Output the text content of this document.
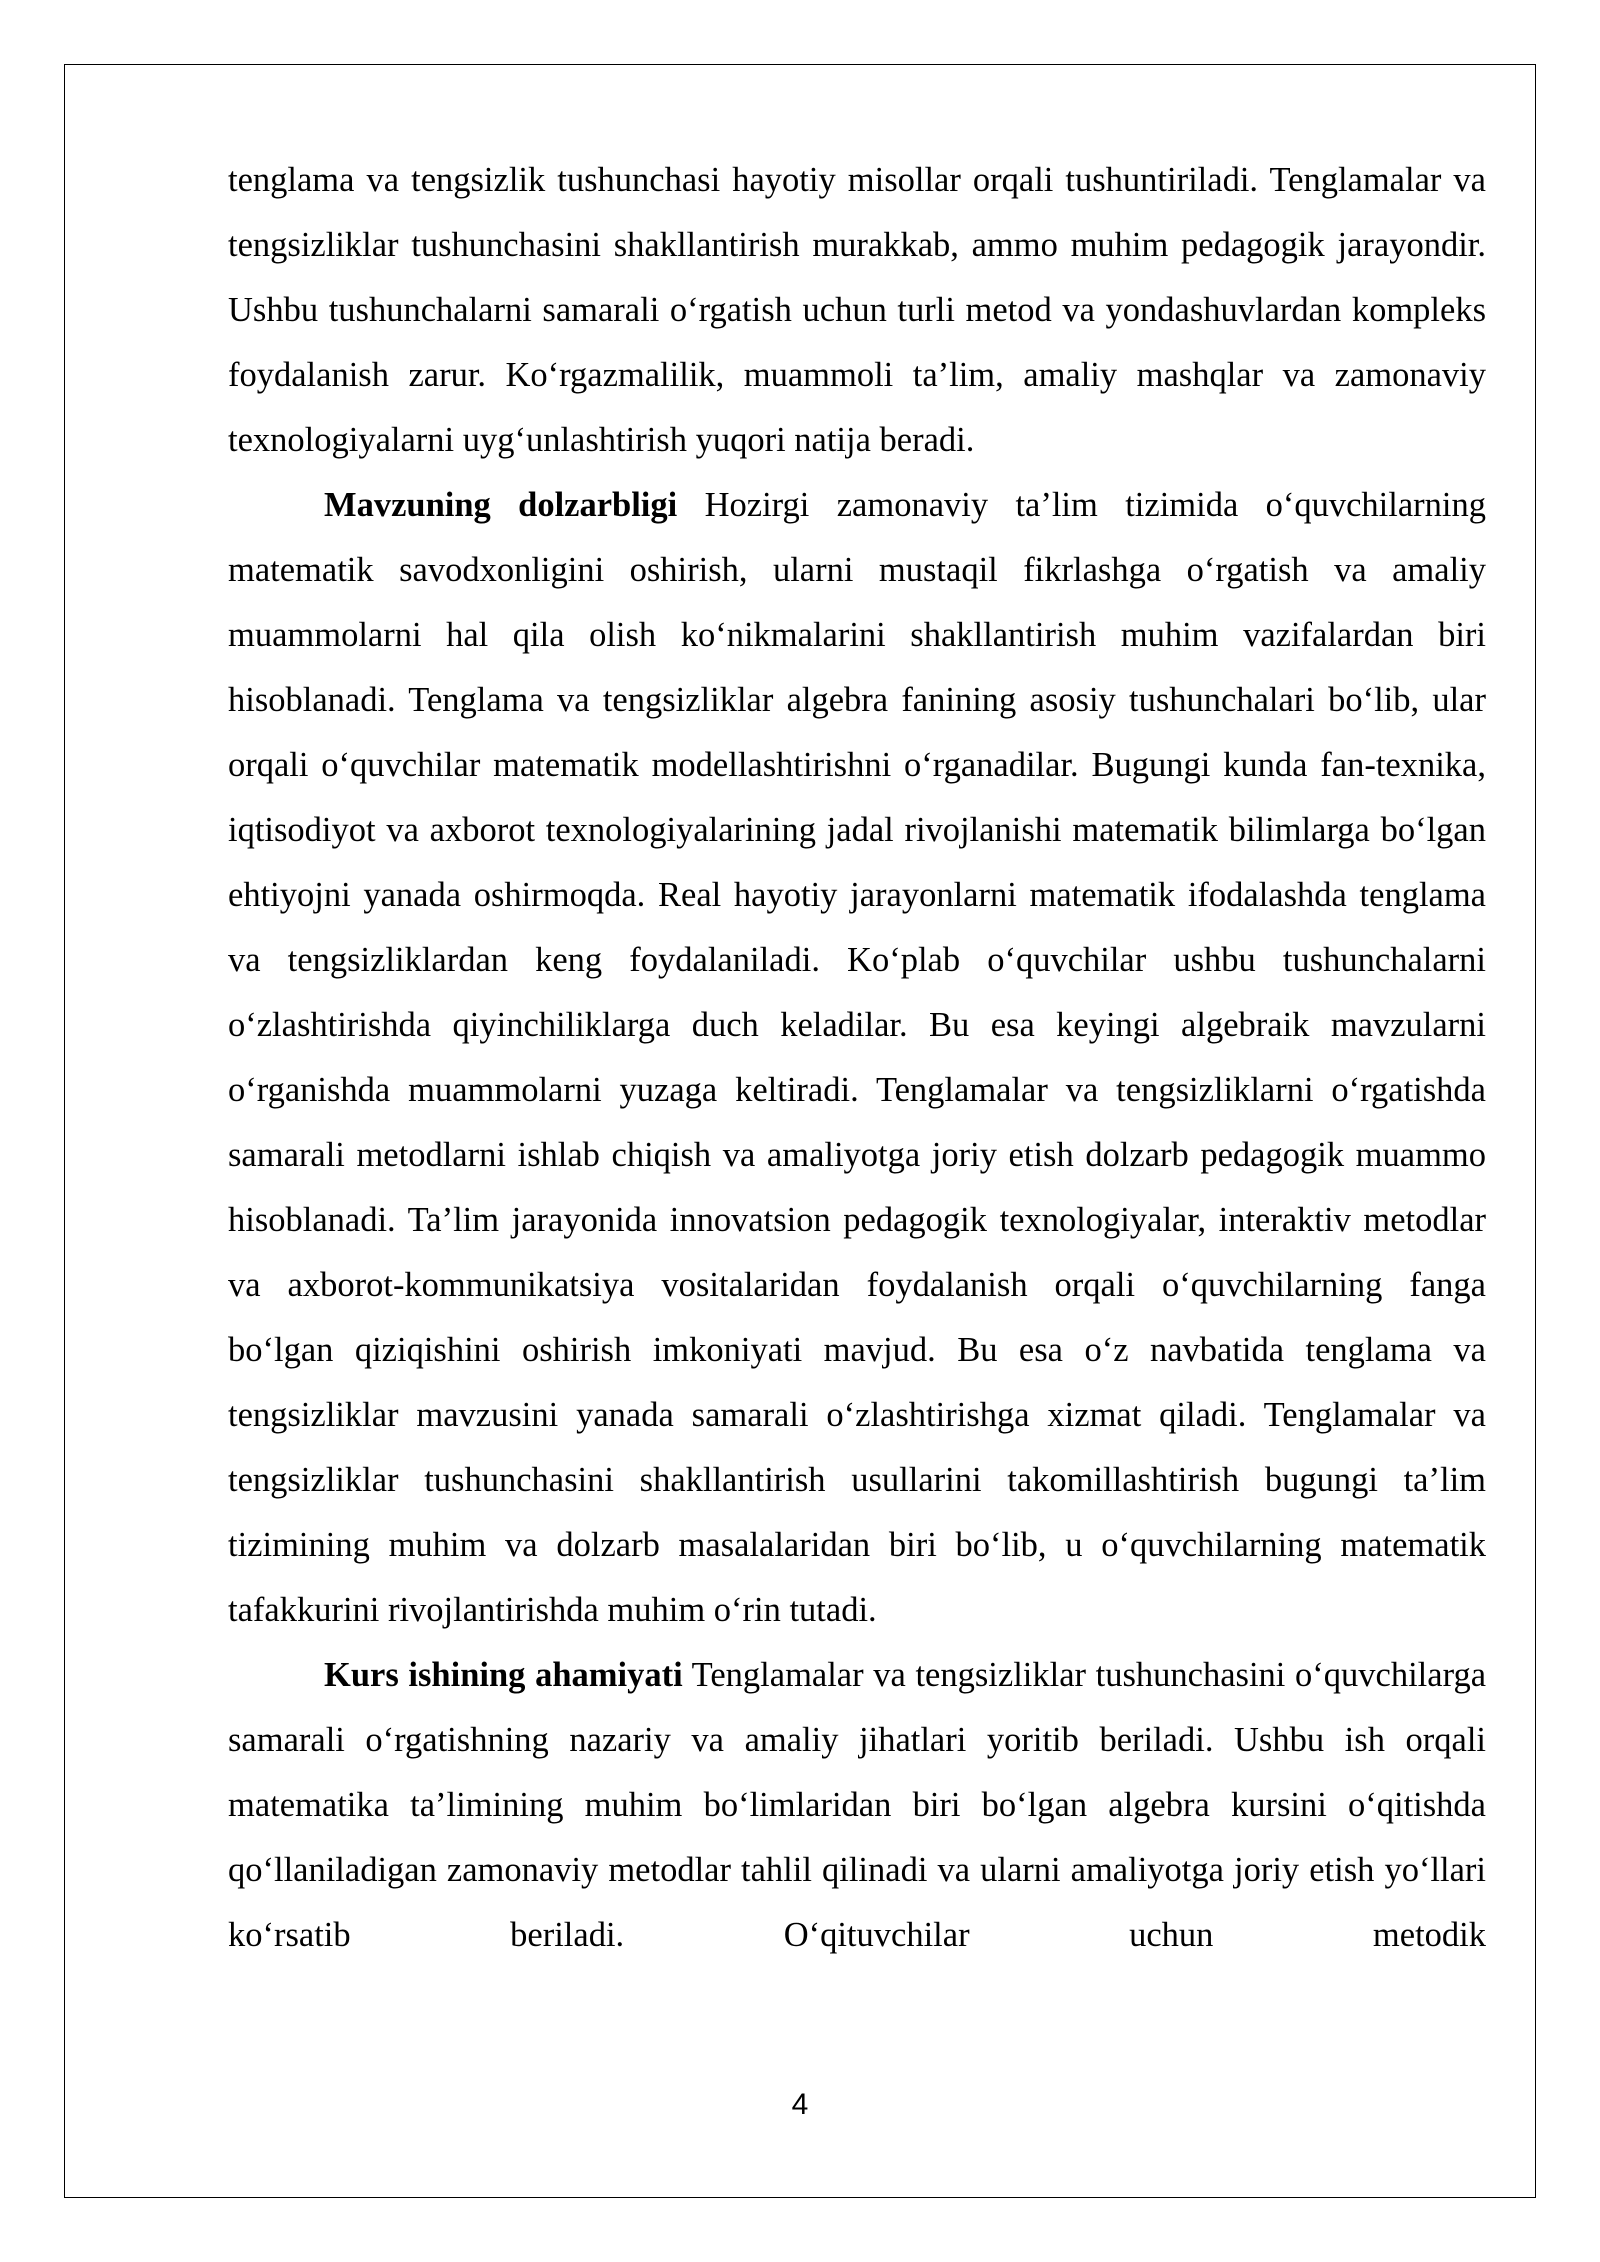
tenglama va tengsizlik tushunchasi hayotiy misollar orqali tushuntiriladi. Tenglamalar va tengsizliklar tushunchasini shakllantirish murakkab, ammo muhim pedagogik jarayondir. Ushbu tushunchalarni samarali o‘rgatish uchun turli metod va yondashuvlardan kompleks foydalanish zarur. Ko‘rgazmalilik, muammoli ta’lim, amaliy mashqlar va zamonaviy texnologiyalarni uyg‘unlashtirish yuqori natija beradi.

Mavzuning dolzarbligi Hozirgi zamonaviy ta’lim tizimida o‘quvchilarning matematik savodxonligini oshirish, ularni mustaqil fikrlashga o‘rgatish va amaliy muammolarni hal qila olish ko‘nikmalarini shakllantirish muhim vazifalardan biri hisoblanadi. Tenglama va tengsizliklar algebra fanining asosiy tushunchalari bo‘lib, ular orqali o‘quvchilar matematik modellashtirishni o‘rganadilar. Bugungi kunda fan-texnika, iqtisodiyot va axborot texnologiyalarining jadal rivojlanishi matematik bilimlarga bo‘lgan ehtiyojni yanada oshirmoqda. Real hayotiy jarayonlarni matematik ifodalashda tenglama va tengsizliklardan keng foydalaniladi. Ko‘plab o‘quvchilar ushbu tushunchalarni o‘zlashtirishda qiyinchiliklarga duch keladilar. Bu esa keyingi algebraik mavzularni o‘rganishda muammolarni yuzaga keltiradi. Tenglamalar va tengsizliklarni o‘rgatishda samarali metodlarni ishlab chiqish va amaliyotga joriy etish dolzarb pedagogik muammo hisoblanadi. Ta’lim jarayonida innovatsion pedagogik texnologiyalar, interaktiv metodlar va axborot-kommunikatsiya vositalaridan foydalanish orqali o‘quvchilarning fanga bo‘lgan qiziqishini oshirish imkoniyati mavjud. Bu esa o‘z navbatida tenglama va tengsizliklar mavzusini yanada samarali o‘zlashtirishga xizmat qiladi. Tenglamalar va tengsizliklar tushunchasini shakllantirish usullarini takomillashtirish bugungi ta’lim tizimining muhim va dolzarb masalalaridan biri bo‘lib, u o‘quvchilarning matematik tafakkurini rivojlantirishda muhim o‘rin tutadi.

Kurs ishining ahamiyati Tenglamalar va tengsizliklar tushunchasini o‘quvchilarga samarali o‘rgatishning nazariy va amaliy jihatlari yoritib beriladi. Ushbu ish orqali matematika ta’limining muhim bo‘limlaridan biri bo‘lgan algebra kursini o‘qitishda qo‘llaniladigan zamonaviy metodlar tahlil qilinadi va ularni amaliyotga joriy etish yo‘llari ko‘rsatib beriladi. O‘qituvchilar uchun metodik

4
